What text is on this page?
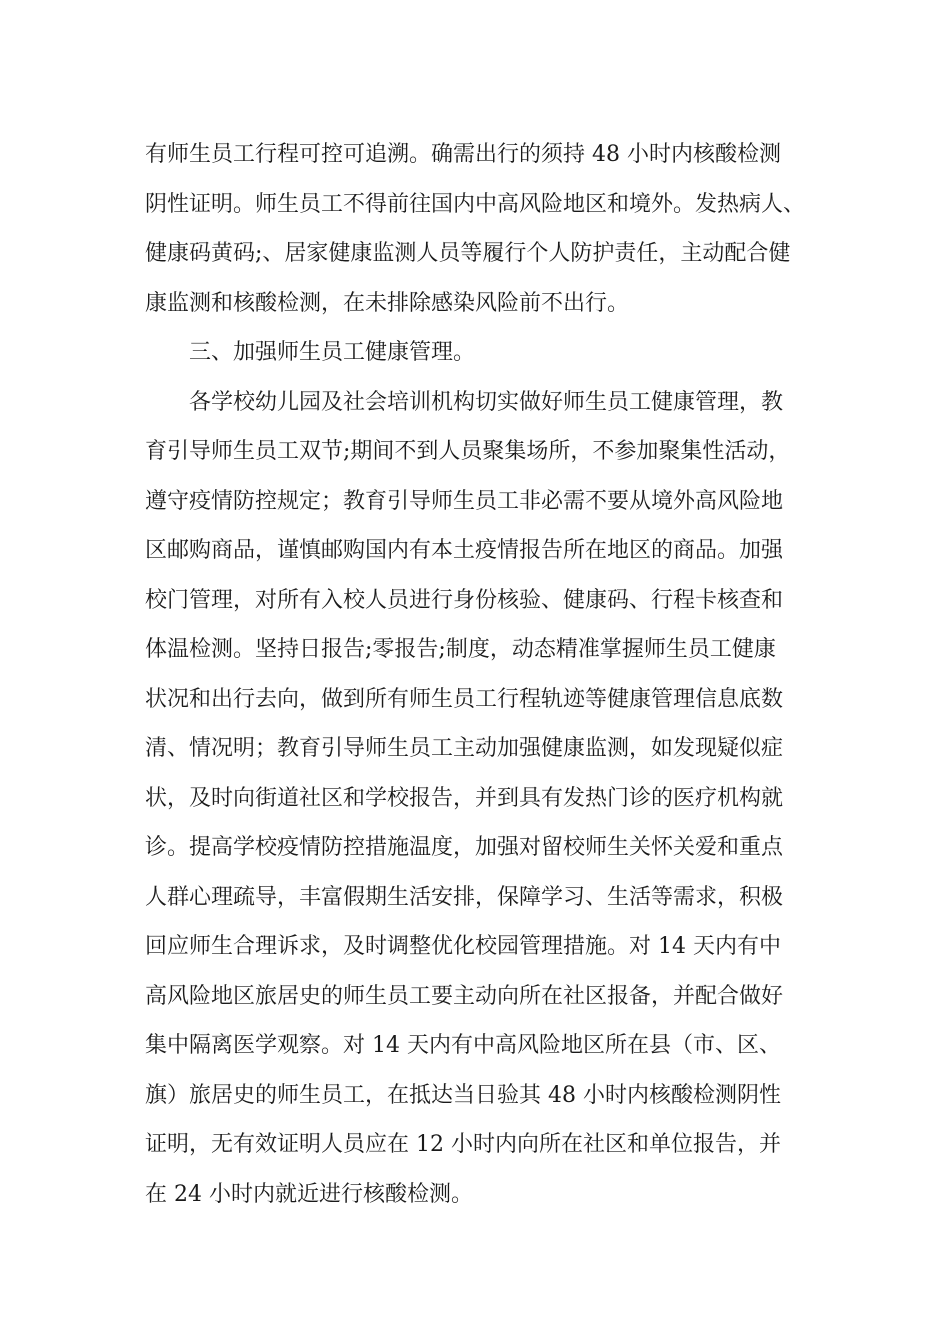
有师生员工行程可控可追溯。确需出行的须持 48 小时内核酸检测
阴性证明。师生员工不得前往国内中高风险地区和境外。发热病人、
健康码黄码;、居家健康监测人员等履行个人防护责任，主动配合健
康监测和核酸检测，在未排除感染风险前不出行。
三、加强师生员工健康管理。
各学校幼儿园及社会培训机构切实做好师生员工健康管理，教
育引导师生员工双节;期间不到人员聚集场所，不参加聚集性活动，
遵守疫情防控规定；教育引导师生员工非必需不要从境外高风险地
区邮购商品，谨慎邮购国内有本土疫情报告所在地区的商品。加强
校门管理，对所有入校人员进行身份核验、健康码、行程卡核查和
体温检测。坚持日报告;零报告;制度，动态精准掌握师生员工健康
状况和出行去向，做到所有师生员工行程轨迹等健康管理信息底数
清、情况明；教育引导师生员工主动加强健康监测，如发现疑似症
状，及时向街道社区和学校报告，并到具有发热门诊的医疗机构就
诊。提高学校疫情防控措施温度，加强对留校师生关怀关爱和重点
人群心理疏导，丰富假期生活安排，保障学习、生活等需求，积极
回应师生合理诉求，及时调整优化校园管理措施。对 14 天内有中
高风险地区旅居史的师生员工要主动向所在社区报备，并配合做好
集中隔离医学观察。对 14 天内有中高风险地区所在县（市、区、
旗）旅居史的师生员工，在抵达当日验其 48 小时内核酸检测阴性
证明，无有效证明人员应在 12 小时内向所在社区和单位报告，并
在 24 小时内就近进行核酸检测。
